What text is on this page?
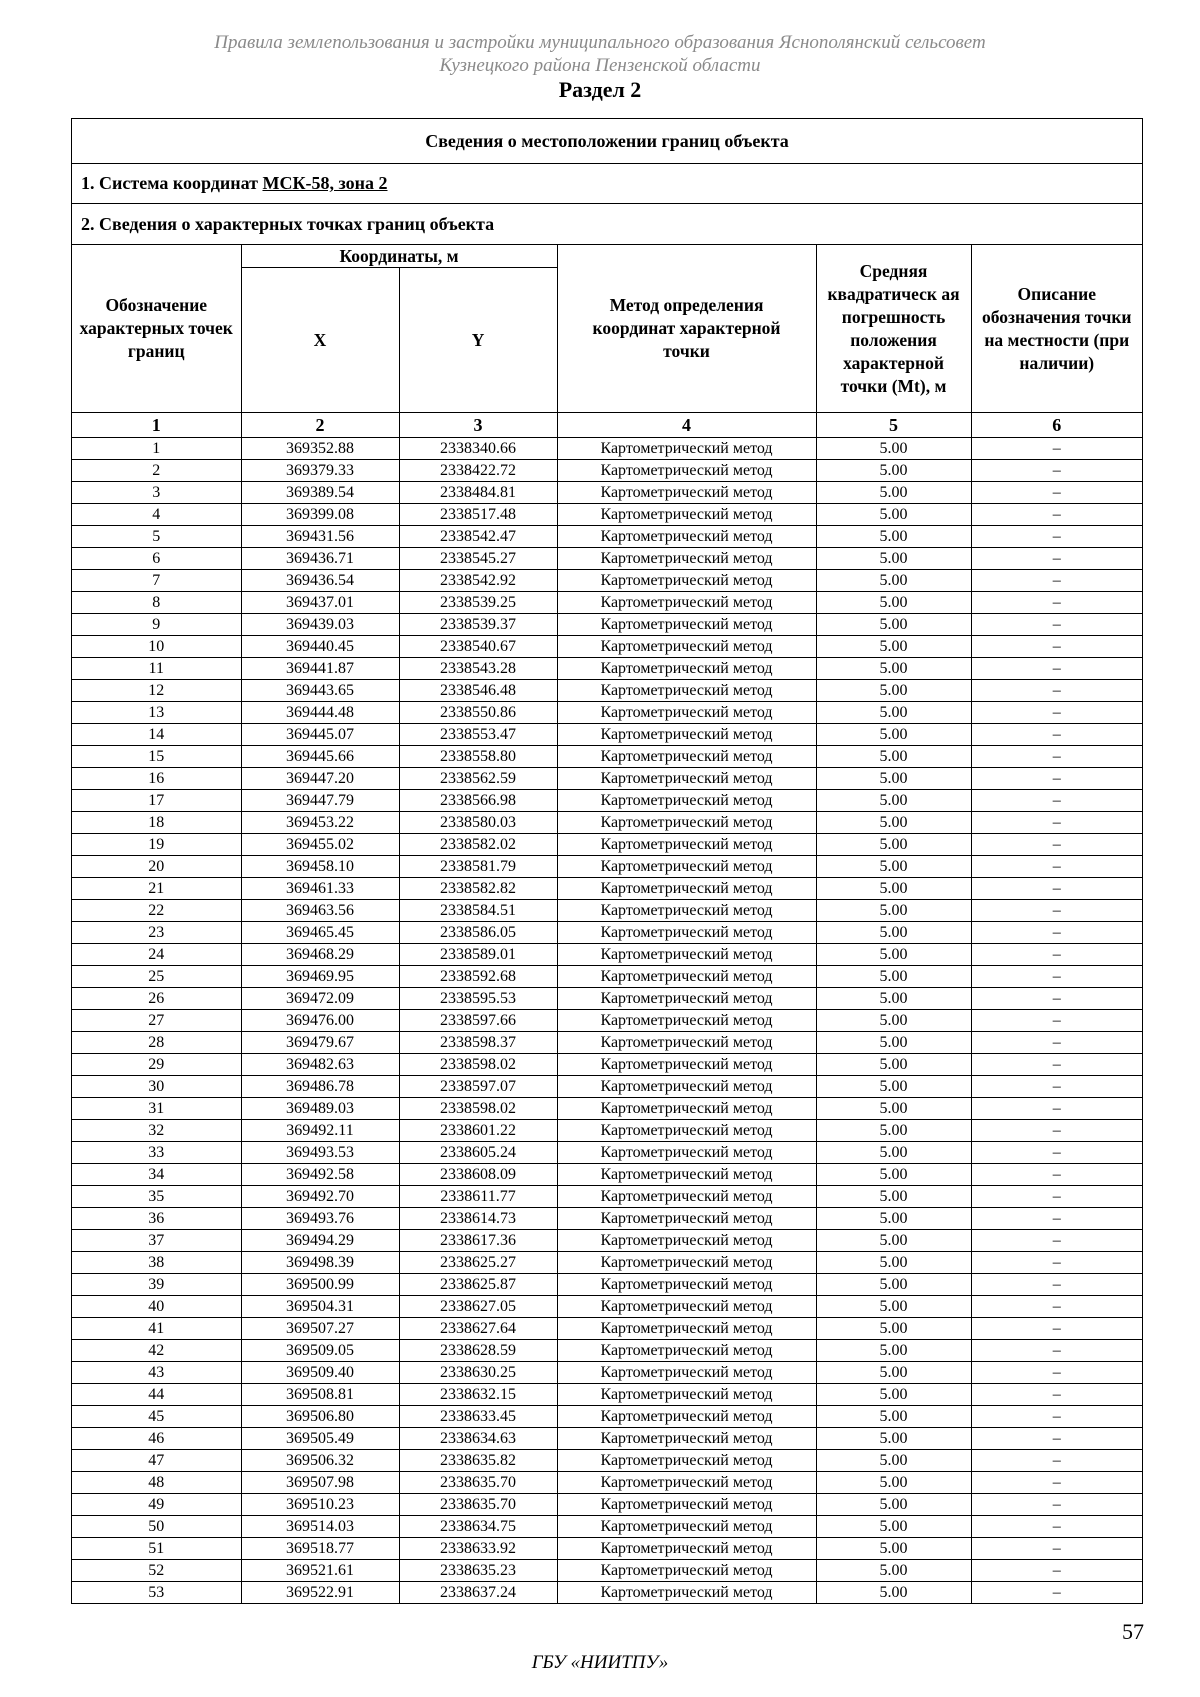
Правила землепользования и застройки муниципального образования Яснополянский сельсовет
Кузнецкого района Пензенской области
Раздел 2
Сведения о местоположении границ объекта
1. Система координат МСК-58, зона 2
2. Сведения о характерных точках границ объекта
Обозначение характерных точек границ	Координаты, м		Метод определения координат характерной точки	Средняя квадратическ ая погрешность положения характерной точки (Mt), м	Описание обозначения точки на местности (при наличии)
	X	Y			
1	2	3	4	5	6
1	369352.88	2338340.66	Картометрический метод	5.00	–
2	369379.33	2338422.72	Картометрический метод	5.00	–
3	369389.54	2338484.81	Картометрический метод	5.00	–
4	369399.08	2338517.48	Картометрический метод	5.00	–
5	369431.56	2338542.47	Картометрический метод	5.00	–
6	369436.71	2338545.27	Картометрический метод	5.00	–
7	369436.54	2338542.92	Картометрический метод	5.00	–
8	369437.01	2338539.25	Картометрический метод	5.00	–
9	369439.03	2338539.37	Картометрический метод	5.00	–
10	369440.45	2338540.67	Картометрический метод	5.00	–
11	369441.87	2338543.28	Картометрический метод	5.00	–
12	369443.65	2338546.48	Картометрический метод	5.00	–
13	369444.48	2338550.86	Картометрический метод	5.00	–
14	369445.07	2338553.47	Картометрический метод	5.00	–
15	369445.66	2338558.80	Картометрический метод	5.00	–
16	369447.20	2338562.59	Картометрический метод	5.00	–
17	369447.79	2338566.98	Картометрический метод	5.00	–
18	369453.22	2338580.03	Картометрический метод	5.00	–
19	369455.02	2338582.02	Картометрический метод	5.00	–
20	369458.10	2338581.79	Картометрический метод	5.00	–
21	369461.33	2338582.82	Картометрический метод	5.00	–
22	369463.56	2338584.51	Картометрический метод	5.00	–
23	369465.45	2338586.05	Картометрический метод	5.00	–
24	369468.29	2338589.01	Картометрический метод	5.00	–
25	369469.95	2338592.68	Картометрический метод	5.00	–
26	369472.09	2338595.53	Картометрический метод	5.00	–
27	369476.00	2338597.66	Картометрический метод	5.00	–
28	369479.67	2338598.37	Картометрический метод	5.00	–
29	369482.63	2338598.02	Картометрический метод	5.00	–
30	369486.78	2338597.07	Картометрический метод	5.00	–
31	369489.03	2338598.02	Картометрический метод	5.00	–
32	369492.11	2338601.22	Картометрический метод	5.00	–
33	369493.53	2338605.24	Картометрический метод	5.00	–
34	369492.58	2338608.09	Картометрический метод	5.00	–
35	369492.70	2338611.77	Картометрический метод	5.00	–
36	369493.76	2338614.73	Картометрический метод	5.00	–
37	369494.29	2338617.36	Картометрический метод	5.00	–
38	369498.39	2338625.27	Картометрический метод	5.00	–
39	369500.99	2338625.87	Картометрический метод	5.00	–
40	369504.31	2338627.05	Картометрический метод	5.00	–
41	369507.27	2338627.64	Картометрический метод	5.00	–
42	369509.05	2338628.59	Картометрический метод	5.00	–
43	369509.40	2338630.25	Картометрический метод	5.00	–
44	369508.81	2338632.15	Картометрический метод	5.00	–
45	369506.80	2338633.45	Картометрический метод	5.00	–
46	369505.49	2338634.63	Картометрический метод	5.00	–
47	369506.32	2338635.82	Картометрический метод	5.00	–
48	369507.98	2338635.70	Картометрический метод	5.00	–
49	369510.23	2338635.70	Картометрический метод	5.00	–
50	369514.03	2338634.75	Картометрический метод	5.00	–
51	369518.77	2338633.92	Картометрический метод	5.00	–
52	369521.61	2338635.23	Картометрический метод	5.00	–
53	369522.91	2338637.24	Картометрический метод	5.00	–
57
ГБУ «НИИТПУ»
